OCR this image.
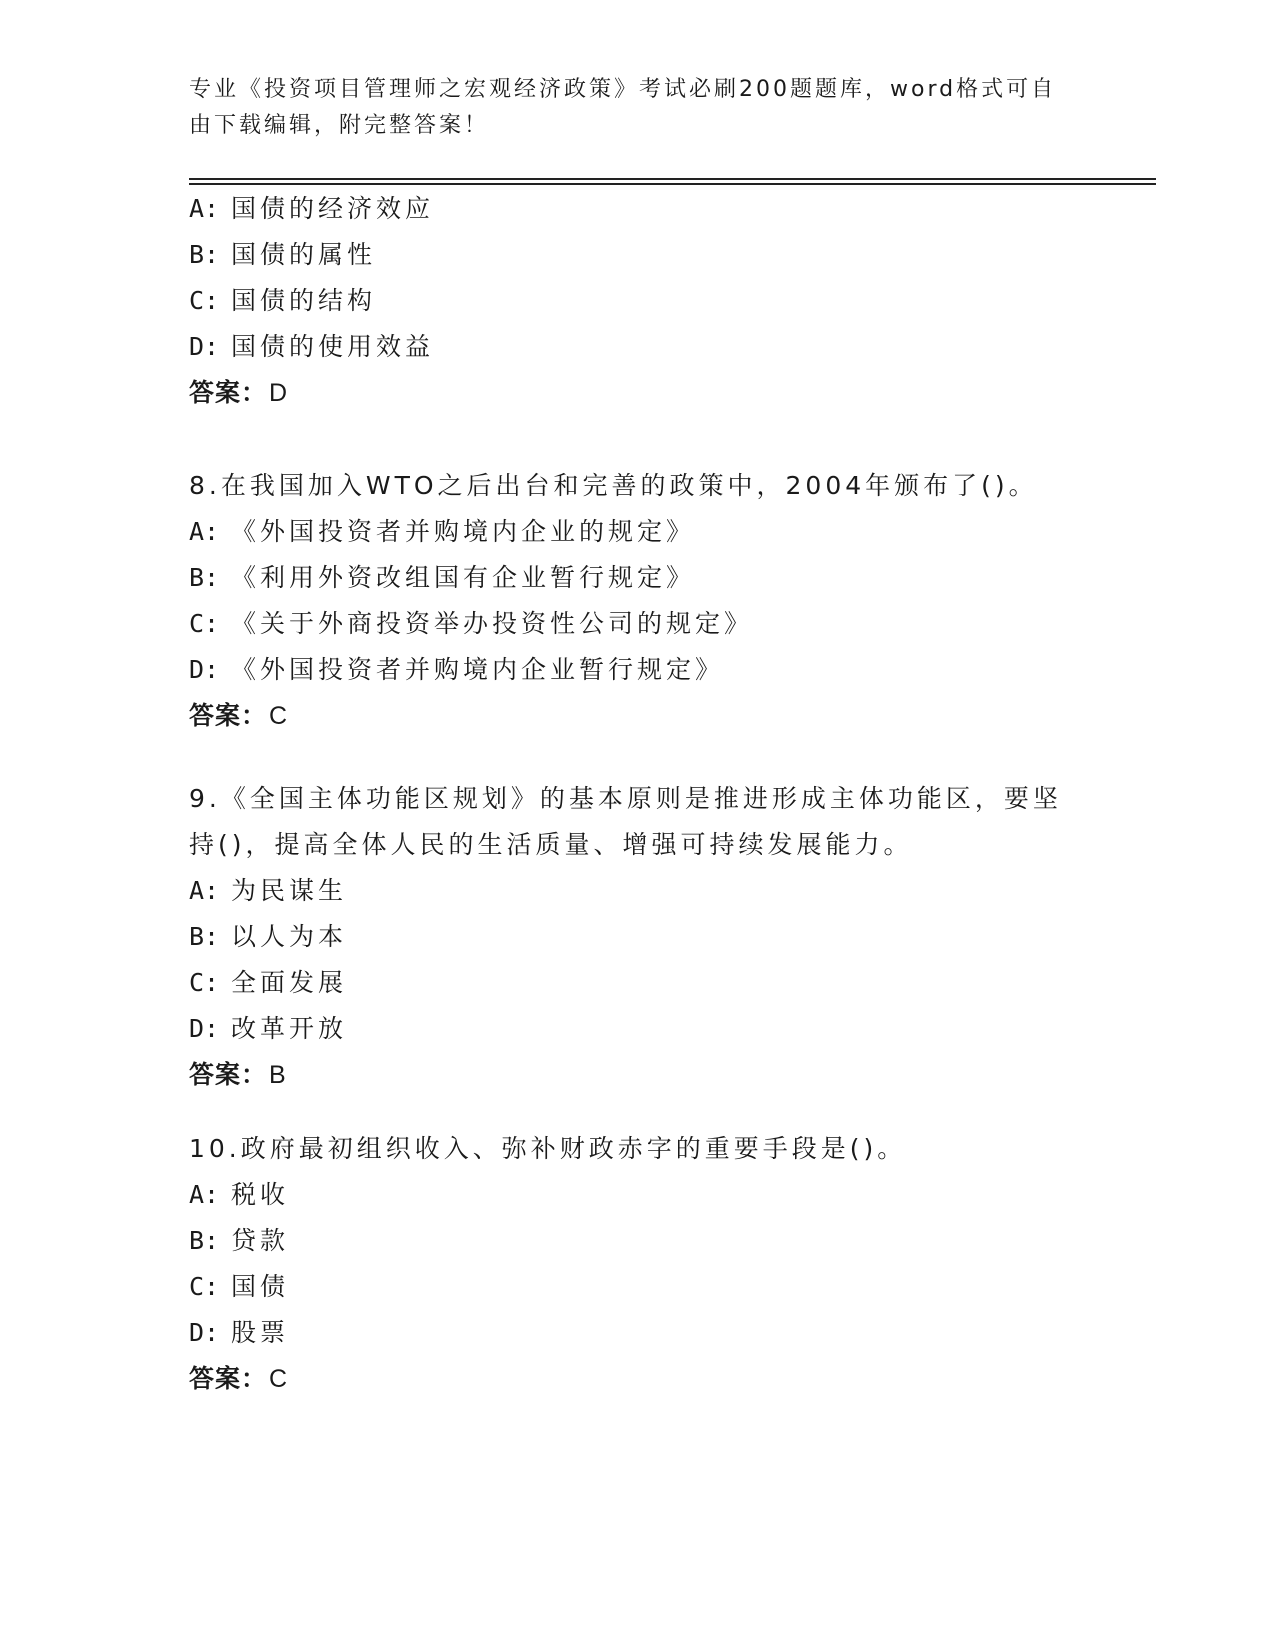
专业《投资项目管理师之宏观经济政策》考试必刷200题题库，word格式可自由下载编辑，附完整答案！

A: 国债的经济效应
B: 国债的属性
C: 国债的结构
D: 国债的使用效益
答案：D
8.在我国加入WTO之后出台和完善的政策中，2004年颁布了()。
A: 《外国投资者并购境内企业的规定》
B: 《利用外资改组国有企业暂行规定》
C: 《关于外商投资举办投资性公司的规定》
D: 《外国投资者并购境内企业暂行规定》
答案：C
9.《全国主体功能区规划》的基本原则是推进形成主体功能区，要坚持()，提高全体人民的生活质量、增强可持续发展能力。
A: 为民谋生
B: 以人为本
C: 全面发展
D: 改革开放
答案：B
10.政府最初组织收入、弥补财政赤字的重要手段是()。
A: 税收
B: 贷款
C: 国债
D: 股票
答案：C
